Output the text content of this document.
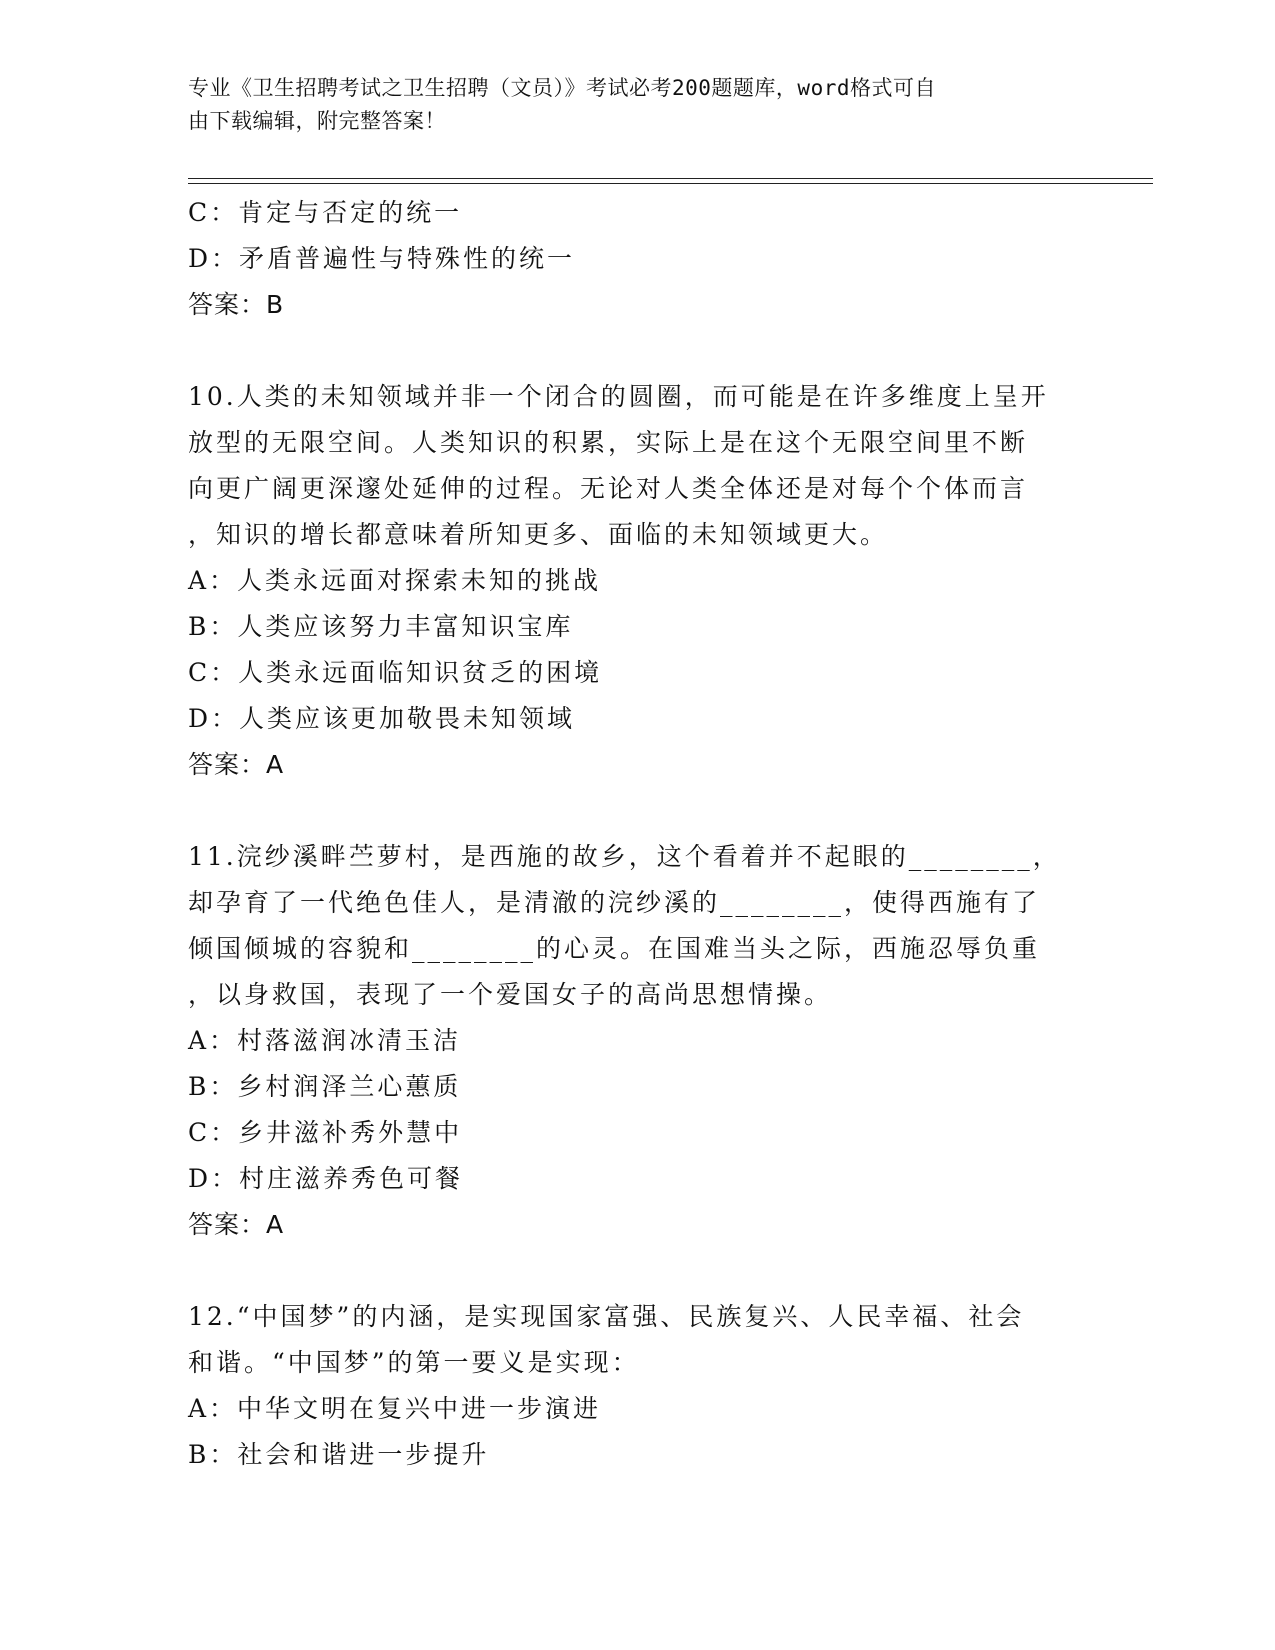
专业《卫生招聘考试之卫生招聘（文员）》考试必考200题题库，word格式可自
由下载编辑，附完整答案！
C：肯定与否定的统一
D：矛盾普遍性与特殊性的统一
答案：B
10.人类的未知领域并非一个闭合的圆圈，而可能是在许多维度上呈开
放型的无限空间。人类知识的积累，实际上是在这个无限空间里不断
向更广阔更深邃处延伸的过程。无论对人类全体还是对每个个体而言
，知识的增长都意味着所知更多、面临的未知领域更大。
A：人类永远面对探索未知的挑战
B：人类应该努力丰富知识宝库
C：人类永远面临知识贫乏的困境
D：人类应该更加敬畏未知领域
答案：A
11.浣纱溪畔苎萝村，是西施的故乡，这个看着并不起眼的________，
却孕育了一代绝色佳人，是清澈的浣纱溪的________，使得西施有了
倾国倾城的容貌和________的心灵。在国难当头之际，西施忍辱负重
，以身救国，表现了一个爱国女子的高尚思想情操。
A：村落滋润冰清玉洁
B：乡村润泽兰心蕙质
C：乡井滋补秀外慧中
D：村庄滋养秀色可餐
答案：A
12.“中国梦”的内涵，是实现国家富强、民族复兴、人民幸福、社会
和谐。“中国梦”的第一要义是实现：
A：中华文明在复兴中进一步演进
B：社会和谐进一步提升
